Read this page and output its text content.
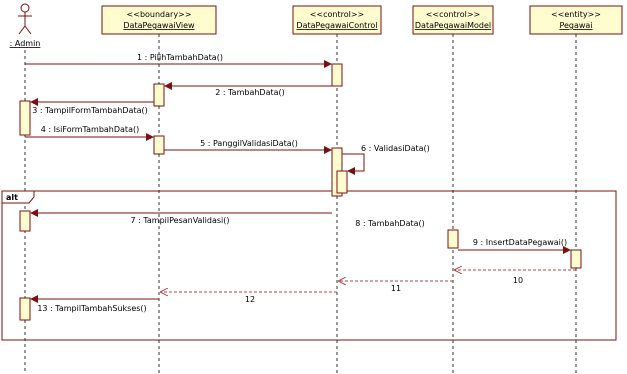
: Admin
<<boundary>>
DataPegawaiView
<<control>>
DataPegawaiControl
<<control>>
DataPegawaiModel
<<entity>>
Pegawai
alt
1 : PilihTambahData()
2 : TambahData()
3 : TampilFormTambahData()
4 : IsiFormTambahData()
5 : PanggilValidasiData()
6 : ValidasiData()
7 : TampilPesanValidasi()	8 : TambahData()
9 : InsertDataPegawai()
10
11
12
13 : TampilTambahSukses()
